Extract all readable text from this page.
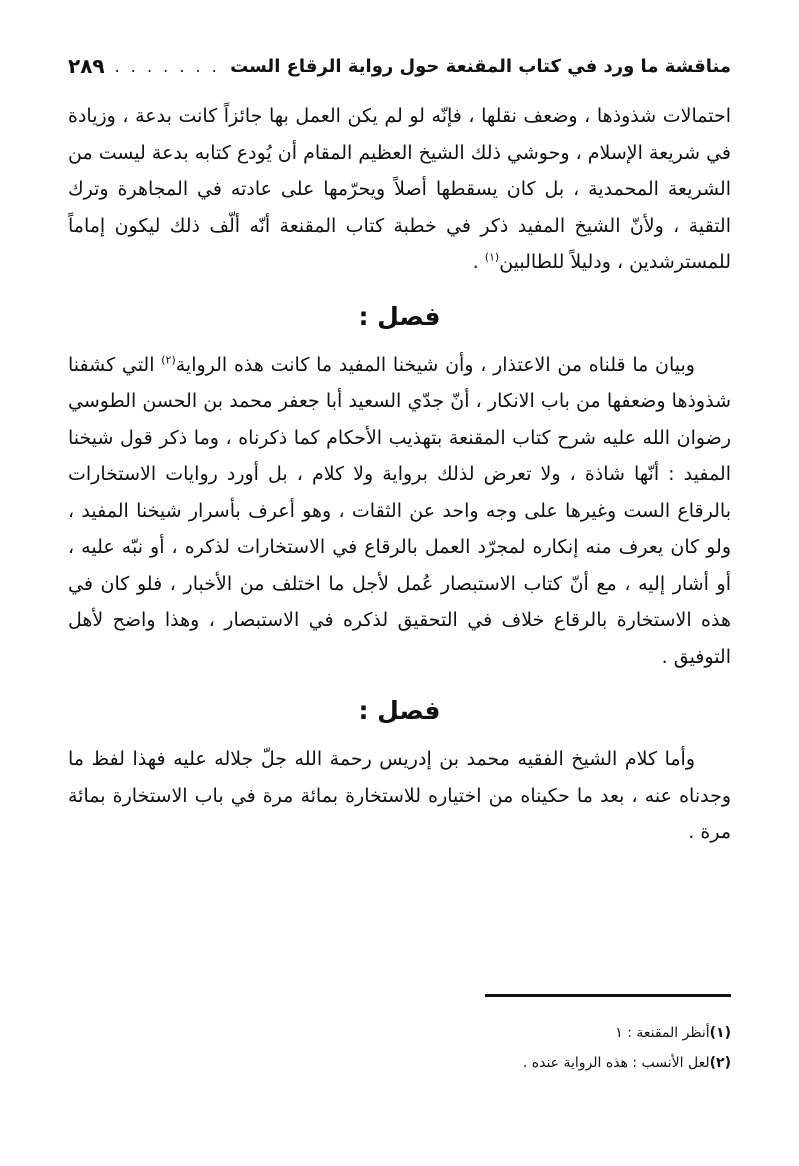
مناقشة ما ورد في كتاب المقنعة حول رواية الرقاع الست
. . .
٢٨٩

احتمالات شذوذها ، وضعف نقلها ، فإنّه لو لم يكن العمل بها جائزاً كانت بدعة ، وزيادة في شريعة الإسلام ، وحوشي ذلك الشيخ العظيم المقام أن يُودع كتابه بدعة ليست من الشريعة المحمدية ، بل كان يسقطها أصلاً ويحرّمها على عادته في المجاهرة وترك التقية ، ولأنّ الشيخ المفيد ذكر في خطبة كتاب المقنعة أنّه ألّف ذلك ليكون إماماً للمسترشدين ، ودليلاً للطالبين$^{(١)}$ .

فصل :

وبيان ما قلناه من الاعتذار ، وأن شيخنا المفيد ما كانت هذه الرواية$^{(٢)}$ التي كشفنا شذوذها وضعفها من باب الانكار ، أنّ جدّي السعيد أبا جعفر محمد بن الحسن الطوسي رضوان الله عليه شرح كتاب المقنعة بتهذيب الأحكام كما ذكرناه ، وما ذكر قول شيخنا المفيد : أنّها شاذة ، ولا تعرض لذلك برواية ولا كلام ، بل أورد روايات الاستخارات بالرقاع الست وغيرها على وجه واحد عن الثقات ، وهو أعرف بأسرار شيخنا المفيد ، ولو كان يعرف منه إنكاره لمجرّد العمل بالرقاع في الاستخارات لذكره ، أو نبّه عليه ، أو أشار إليه ، مع أنّ كتاب الاستبصار عُمل لأجل ما اختلف من الأخبار ، فلو كان في هذه الاستخارة بالرقاع خلاف في التحقيق لذكره في الاستبصار ، وهذا واضح لأهل التوفيق .

فصل :

وأما كلام الشيخ الفقيه محمد بن إدريس رحمة الله جلّ جلاله عليه فهذا لفظ ما وجدناه عنه ، بعد ما حكيناه من اختياره للاستخارة بمائة مرة في باب الاستخارة بمائة مرة .

(١)أنظر المقنعة : ١

(٢)لعل الأنسب : هذه الرواية عنده .
